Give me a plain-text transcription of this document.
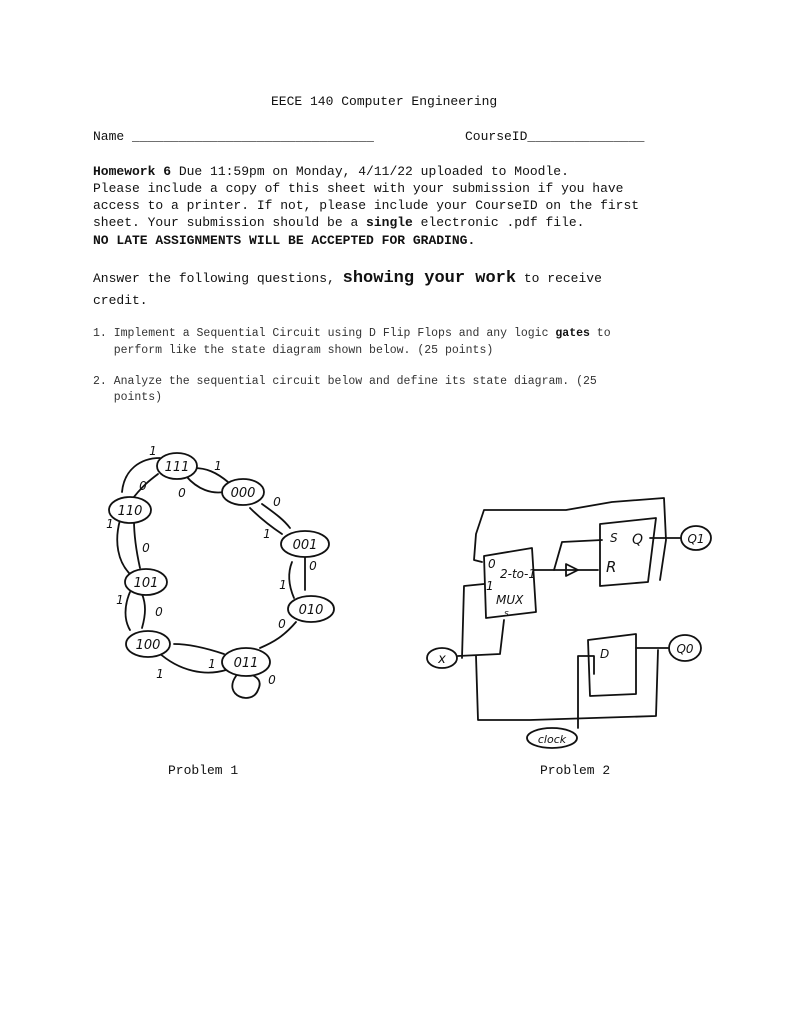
EECE 140 Computer Engineering
Name _______________________________	CourseID_______________
Homework 6 Due 11:59pm on Monday, 4/11/22 uploaded to Moodle.
Please include a copy of this sheet with your submission if you have
access to a printer. If not, please include your CourseID on the first
sheet. Your submission should be a single electronic .pdf file.
NO LATE ASSIGNMENTS WILL BE ACCEPTED FOR GRADING.
Answer the following questions, showing your work to receive
credit.
1. Implement a Sequential Circuit using D Flip Flops and any logic gates to
perform like the state diagram shown below. (25 points)
2. Analyze the sequential circuit below and define its state diagram. (25
points)
111
000
110
001
101
010
100
011
1
1
0	0
0
1
0
1
1
0
1
0
0
1
1	0
2-to-1
MUX
s
0
1
S
R
Q
D
Q1
Q0
x
clock
Problem 1	Problem 2
